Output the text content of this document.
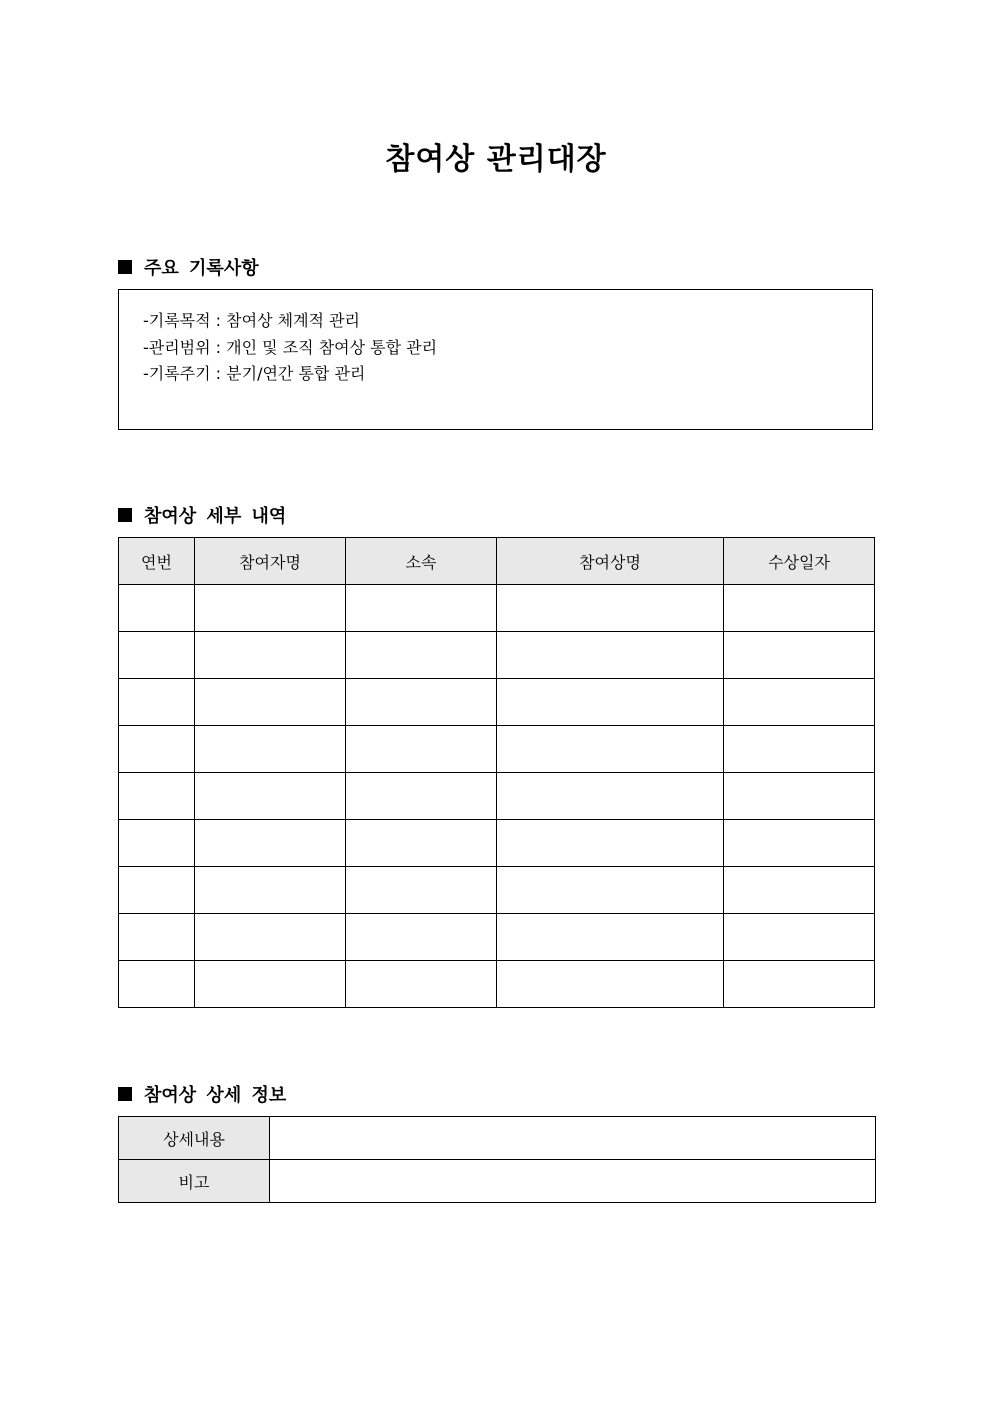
참여상 관리대장
주요 기록사항
-기록목적 : 참여상 체계적 관리
-관리범위 : 개인 및 조직 참여상 통합 관리
-기록주기 : 분기/연간 통합 관리
참여상 세부 내역
연번	참여자명	소속	참여상명	수상일자

참여상 상세 정보
상세내용	
비고	
